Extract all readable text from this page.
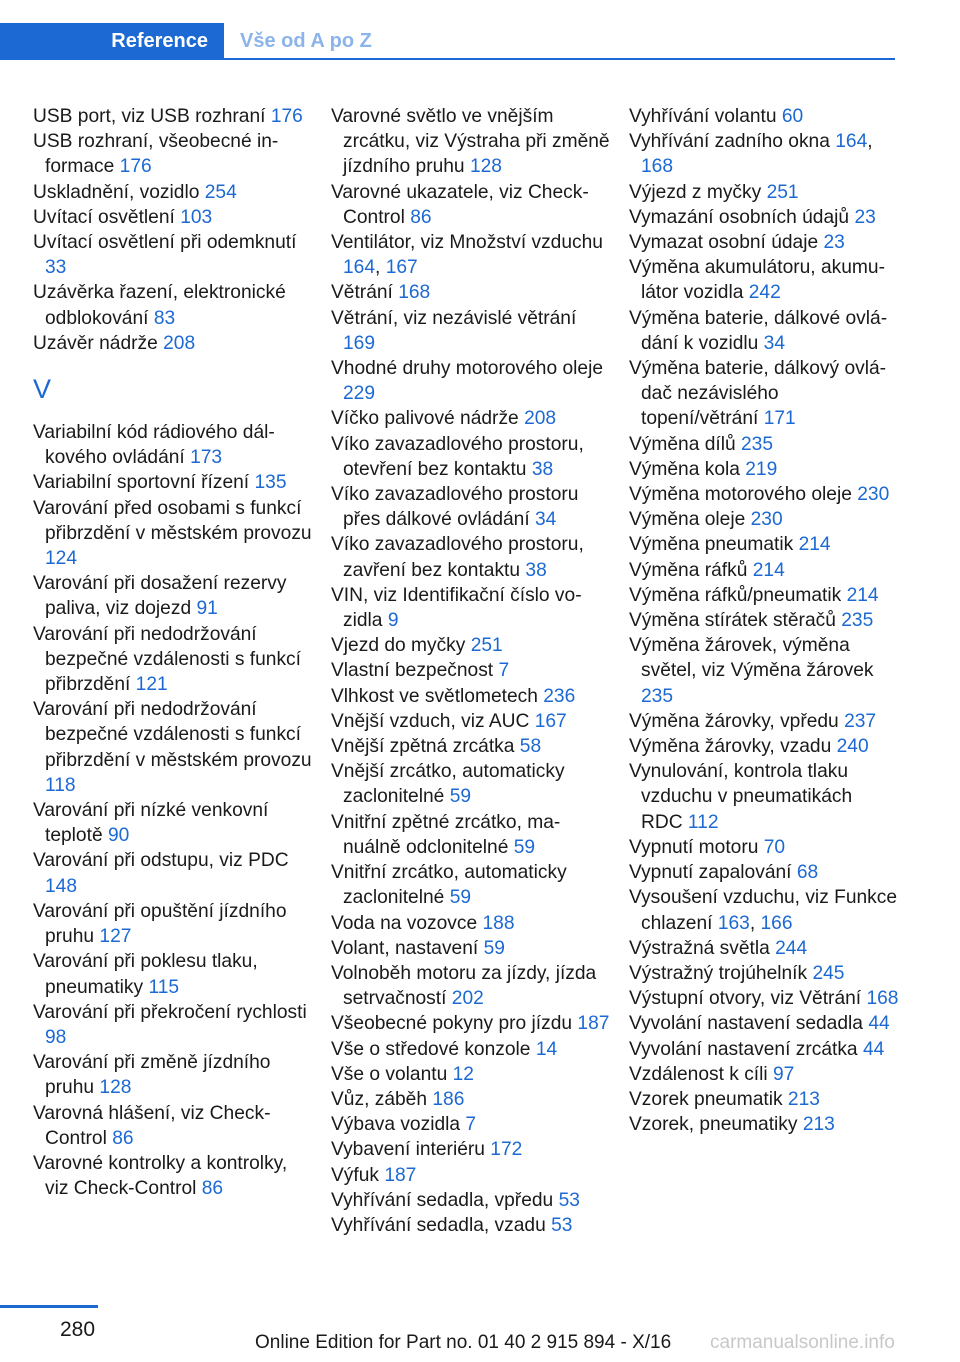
Reference	Vše od A po Z
USB port, viz USB rozhraní 176
USB rozhraní, všeobecné informace 176
Uskladnění, vozidlo 254
Uvítací osvětlení 103
Uvítací osvětlení při odemknutí 33
Uzávěrka řazení, elektronické odblokování 83
Uzávěr nádrže 208
V
Variabilní kód rádiového dálkového ovládání 173
Variabilní sportovní řízení 135
Varování před osobami s funkcí přibrzdění v městském provozu 124
Varování při dosažení rezervy paliva, viz dojezd 91
Varování při nedodržování bezpečné vzdálenosti s funkcí přibrzdění 121
Varování při nedodržování bezpečné vzdálenosti s funkcí přibrzdění v městském provozu 118
Varování při nízké venkovní teplotě 90
Varování při odstupu, viz PDC 148
Varování při opuštění jízdního pruhu 127
Varování při poklesu tlaku, pneumatiky 115
Varování při překročení rychlosti 98
Varování při změně jízdního pruhu 128
Varovná hlášení, viz Check-Control 86
Varovné kontrolky a kontrolky, viz Check-Control 86
Varovné světlo ve vnějším zrcátku, viz Výstraha při změně jízdního pruhu 128
Varovné ukazatele, viz Check-Control 86
Ventilátor, viz Množství vzduchu 164, 167
Větrání 168
Větrání, viz nezávislé větrání 169
Vhodné druhy motorového oleje 229
Víčko palivové nádrže 208
Víko zavazadlového prostoru, otevření bez kontaktu 38
Víko zavazadlového prostoru přes dálkové ovládání 34
Víko zavazadlového prostoru, zavření bez kontaktu 38
VIN, viz Identifikační číslo vozidla 9
Vjezd do myčky 251
Vlastní bezpečnost 7
Vlhkost ve světlometech 236
Vnější vzduch, viz AUC 167
Vnější zpětná zrcátka 58
Vnější zrcátko, automaticky zaclonitelné 59
Vnitřní zpětné zrcátko, manuálně odclonitelné 59
Vnitřní zrcátko, automaticky zaclonitelné 59
Voda na vozovce 188
Volant, nastavení 59
Volnoběh motoru za jízdy, jízda setrvačností 202
Všeobecné pokyny pro jízdu 187
Vše o středové konzole 14
Vše o volantu 12
Vůz, záběh 186
Výbava vozidla 7
Vybavení interiéru 172
Výfuk 187
Vyhřívání sedadla, vpředu 53
Vyhřívání sedadla, vzadu 53
Vyhřívání volantu 60
Vyhřívání zadního okna 164, 168
Výjezd z myčky 251
Vymazání osobních údajů 23
Vymazat osobní údaje 23
Výměna akumulátoru, akumulátor vozidla 242
Výměna baterie, dálkové ovládání k vozidlu 34
Výměna baterie, dálkový ovládač nezávislého topení/větrání 171
Výměna dílů 235
Výměna kola 219
Výměna motorového oleje 230
Výměna oleje 230
Výměna pneumatik 214
Výměna ráfků 214
Výměna ráfků/pneumatik 214
Výměna stírátek stěračů 235
Výměna žárovek, výměna světel, viz Výměna žárovek 235
Výměna žárovky, vpředu 237
Výměna žárovky, vzadu 240
Vynulování, kontrola tlaku vzduchu v pneumatikách RDC 112
Vypnutí motoru 70
Vypnutí zapalování 68
Vysoušení vzduchu, viz Funkce chlazení 163, 166
Výstražná světla 244
Výstražný trojúhelník 245
Výstupní otvory, viz Větrání 168
Vyvolání nastavení sedadla 44
Vyvolání nastavení zrcátka 44
Vzdálenost k cíli 97
Vzorek pneumatik 213
Vzorek, pneumatiky 213
280
Online Edition for Part no. 01 40 2 915 894 - X/16 carmanualsonline.info
